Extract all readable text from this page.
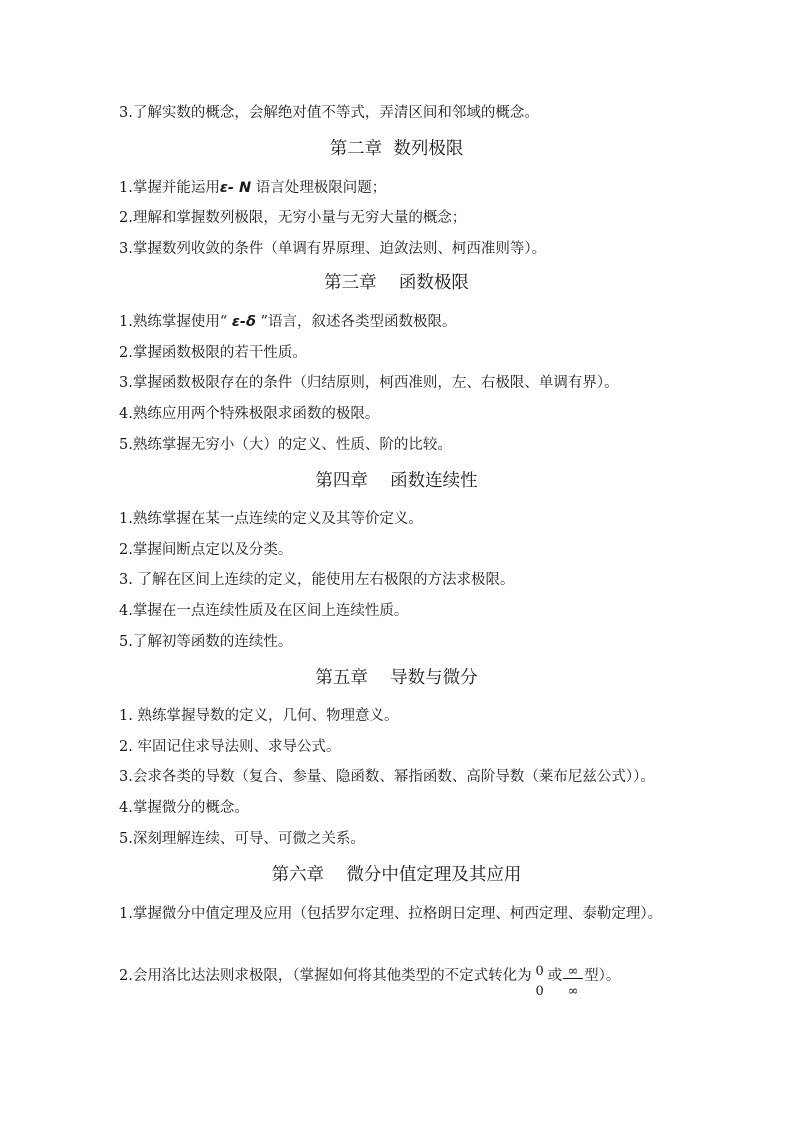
3.了解实数的概念，会解绝对值不等式，弄清区间和邻域的概念。
第二章  数列极限
1.掌握并能运用ε- N 语言处理极限问题；
2.理解和掌握数列极限，无穷小量与无穷大量的概念；
3.掌握数列收敛的条件（单调有界原理、迫敛法则、柯西准则等）。
第三章    函数极限
1.熟练掌握使用“ ε-δ ”语言，叙述各类型函数极限。
2.掌握函数极限的若干性质。
3.掌握函数极限存在的条件（归结原则，柯西准则，左、右极限、单调有界）。
4.熟练应用两个特殊极限求函数的极限。
5.熟练掌握无穷小（大）的定义、性质、阶的比较。
第四章    函数连续性
1.熟练掌握在某一点连续的定义及其等价定义。
2.掌握间断点定以及分类。
3. 了解在区间上连续的定义，能使用左右极限的方法求极限。
4.掌握在一点连续性质及在区间上连续性质。
5.了解初等函数的连续性。
第五章    导数与微分
1. 熟练掌握导数的定义，几何、物理意义。
2. 牢固记住求导法则、求导公式。
3.会求各类的导数（复合、参量、隐函数、幂指函数、高阶导数（莱布尼兹公式））。
4.掌握微分的概念。
5.深刻理解连续、可导、可微之关系。
第六章    微分中值定理及其应用
1.掌握微分中值定理及应用（包括罗尔定理、拉格朗日定理、柯西定理、泰勒定理）。
2.会用洛比达法则求极限，（掌握如何将其他类型的不定式转化为 0
0
或 $\frac{\infty}{\infty}$ 型）。
